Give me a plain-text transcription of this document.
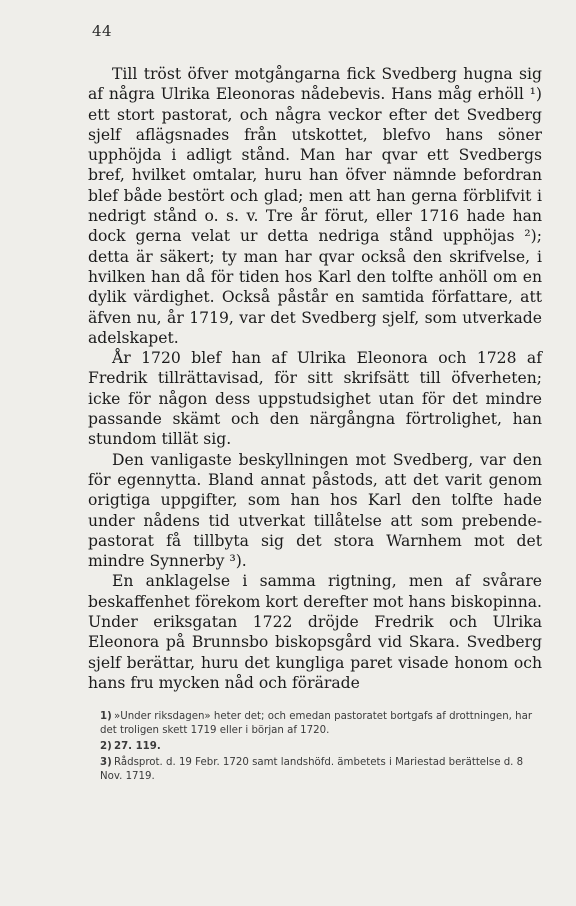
44

Till tröst öfver motgångarna fick Svedberg hugna sig af några Ulrika Eleonoras nådebevis. Hans måg erhöll ¹) ett stort pastorat, och några veckor efter det Svedberg sjelf aflägsnades från utskottet, blefvo hans söner upphöjda i adligt stånd. Man har qvar ett Svedbergs bref, hvilket omtalar, huru han öfver nämnde befordran blef både bestört och glad; men att han gerna förblifvit i nedrigt stånd o. s. v. Tre år förut, eller 1716 hade han dock gerna velat ur detta nedriga stånd upphöjas ²); detta är säkert; ty man har qvar också den skrifvelse, i hvilken han då för tiden hos Karl den tolfte anhöll om en dylik värdighet. Också påstår en samtida författare, att äfven nu, år 1719, var det Svedberg sjelf, som utverkade adelskapet.

År 1720 blef han af Ulrika Eleonora och 1728 af Fredrik tillrättavisad, för sitt skrifsätt till öfverheten; icke för någon dess uppstudsighet utan för det mindre passande skämt och den närgångna förtrolighet, han stundom tillät sig.

Den vanligaste beskyllningen mot Svedberg, var den för egennytta. Bland annat påstods, att det varit genom origtiga uppgifter, som han hos Karl den tolfte hade under nådens tid utverkat tillåtelse att som prebende-pastorat få tillbyta sig det stora Warnhem mot det mindre Synnerby ³).

En anklagelse i samma rigtning, men af svårare beskaffenhet förekom kort derefter mot hans biskopinna. Under eriksgatan 1722 dröjde Fredrik och Ulrika Eleonora på Brunnsbo biskopsgård vid Skara. Svedberg sjelf berättar, huru det kungliga paret visade honom och hans fru mycken nåd och förärade

1) »Under riksdagen» heter det; och emedan pastoratet bortgafs af drottningen, har det troligen skett 1719 eller i början af 1720.
2) 27. 119.
3) Rådsprot. d. 19 Febr. 1720 samt landshöfd. ämbetets i Mariestad berättelse d. 8 Nov. 1719.
